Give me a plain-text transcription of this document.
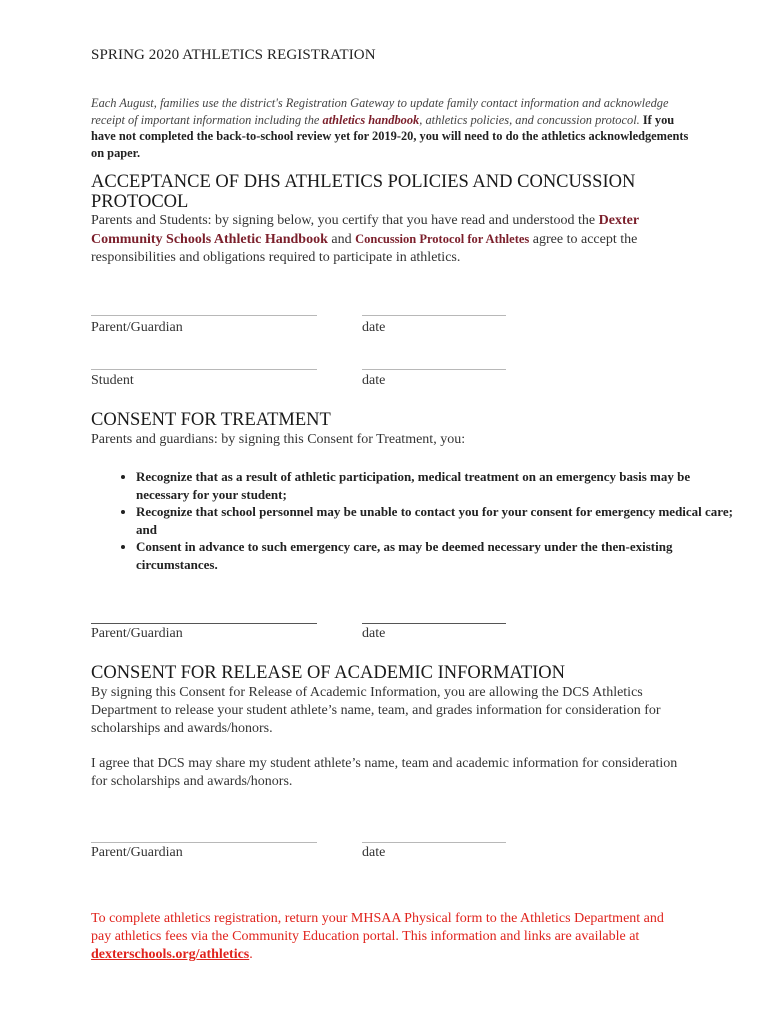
SPRING 2020 ATHLETICS REGISTRATION

Each August, families use the district's Registration Gateway to update family contact information and acknowledge receipt of important information including the athletics handbook, athletics policies, and concussion protocol. If you have not completed the back-to-school review yet for 2019-20, you will need to do the athletics acknowledgements on paper.

ACCEPTANCE OF DHS ATHLETICS POLICIES AND CONCUSSION PROTOCOL

Parents and Students: by signing below, you certify that you have read and understood the Dexter Community Schools Athletic Handbook and Concussion Protocol for Athletes agree to accept the responsibilities and obligations required to participate in athletics.

Parent/Guardian	date

Student	date

CONSENT FOR TREATMENT

Parents and guardians: by signing this Consent for Treatment, you:

• Recognize that as a result of athletic participation, medical treatment on an emergency basis may be necessary for your student;
• Recognize that school personnel may be unable to contact you for your consent for emergency medical care; and
• Consent in advance to such emergency care, as may be deemed necessary under the then-existing circumstances.

Parent/Guardian	date

CONSENT FOR RELEASE OF ACADEMIC INFORMATION

By signing this Consent for Release of Academic Information, you are allowing the DCS Athletics Department to release your student athlete’s name, team, and grades information for consideration for scholarships and awards/honors.

I agree that DCS may share my student athlete’s name, team and academic information for consideration for scholarships and awards/honors.

Parent/Guardian	date

To complete athletics registration, return your MHSAA Physical form to the Athletics Department and pay athletics fees via the Community Education portal. This information and links are available at dexterschools.org/athletics.
